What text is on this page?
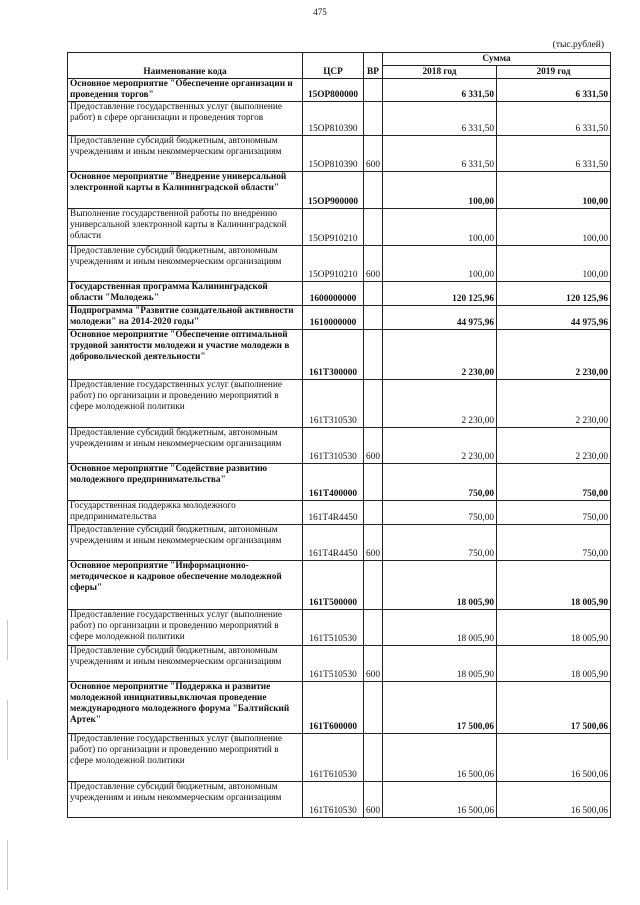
475
(тыс.рублей)
Наименование кода	ЦСР	ВР	Сумма	
			2018 год	2019 год
Основное мероприятие "Обеспечение организации и проведения торгов"	15OР800000		6 331,50	6 331,50
Предоставление государственных услуг (выполнение работ) в сфере организации и проведения торгов	15OР810390		6 331,50	6 331,50
Предоставление субсидий бюджетным, автономным учреждениям и иным некоммерческим организациям	15OР810390	600	6 331,50	6 331,50
Основное мероприятие "Внедрение универсальной электронной карты в Калининградской области"	15OР900000		100,00	100,00
Выполнение государственной работы по внедрению универсальной электронной карты в Калининградской области	15OР910210		100,00	100,00
Предоставление субсидий бюджетным, автономным учреждениям и иным некоммерческим организациям	15OР910210	600	100,00	100,00
Государственная программа Калининградской области "Молодежь"	1600000000		120 125,96	120 125,96
Подпрограмма "Развитие созидательной активности молодежи" на 2014-2020 годы"	1610000000		44 975,96	44 975,96
Основное мероприятие "Обеспечение оптимальной трудовой занятости молодежи и участие молодежи в добровольческой деятельности"	161Т300000		2 230,00	2 230,00
Предоставление государственных услуг (выполнение работ) по организации и проведению мероприятий в сфере молодежной политики	161Т310530		2 230,00	2 230,00
Предоставление субсидий бюджетным, автономным учреждениям и иным некоммерческим организациям	161Т310530	600	2 230,00	2 230,00
Основное мероприятие "Содействие развитию молодежного предпринимательства"	161Т400000		750,00	750,00
Государственная поддержка молодежного предпринимательства	161Т4R4450		750,00	750,00
Предоставление субсидий бюджетным, автономным учреждениям и иным некоммерческим организациям	161Т4R4450	600	750,00	750,00
Основное мероприятие "Информационно-методическое и кадровое обеспечение молодежной сферы"	161Т500000		18 005,90	18 005,90
Предоставление государственных услуг (выполнение работ) по организации и проведению мероприятий в сфере молодежной политики	161Т510530		18 005,90	18 005,90
Предоставление субсидий бюджетным, автономным учреждениям и иным некоммерческим организациям	161Т510530	600	18 005,90	18 005,90
Основное мероприятие "Поддержка и развитие молодежной инициативы,включая проведение международного молодежного форума "Балтийский Артек"	161Т600000		17 500,06	17 500,06
Предоставление государственных услуг (выполнение работ) по организации и проведению мероприятий в сфере молодежной политики	161Т610530		16 500,06	16 500,06
Предоставление субсидий бюджетным, автономным учреждениям и иным некоммерческим организациям	161Т610530	600	16 500,06	16 500,06
